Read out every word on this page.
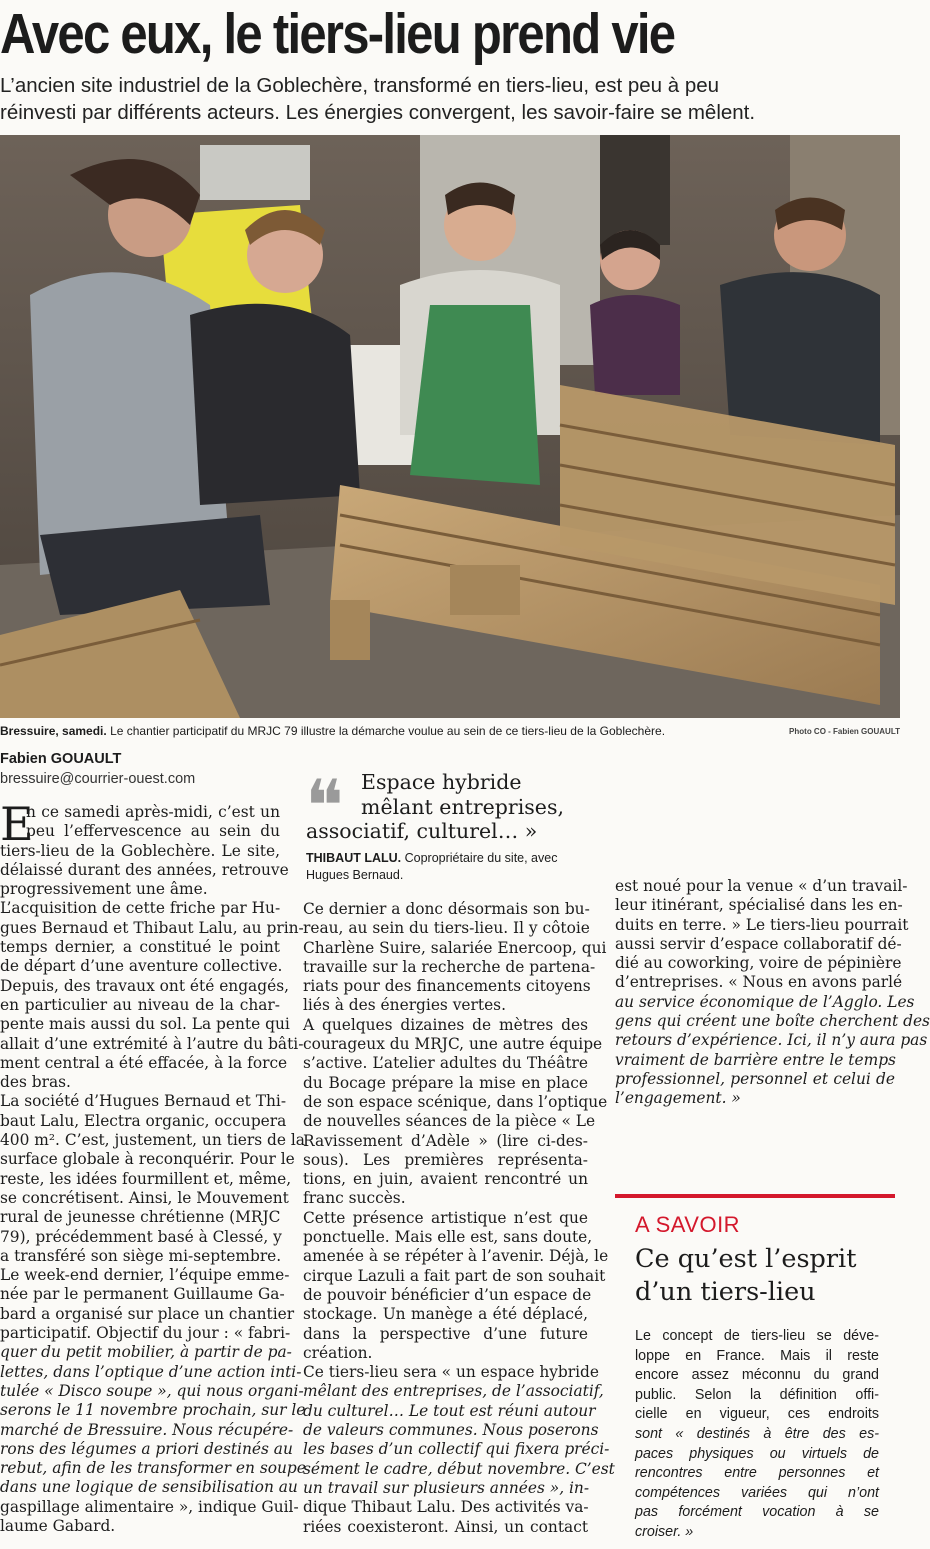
Avec eux, le tiers-lieu prend vie
L’ancien site industriel de la Goblechère, transformé en tiers-lieu, est peu à peu
réinvesti par différents acteurs. Les énergies convergent, les savoir-faire se mêlent.
Bressuire, samedi. Le chantier participatif du MRJC 79 illustre la démarche voulue au sein de ce tiers-lieu de la Goblechère.	Photo CO - Fabien GOUAULT
Fabien GOUAULT
bressuire@courrier-ouest.com
E
n ce samedi après-midi, c’est un
peu l’effervescence au sein du
tiers-lieu de la Goblechère. Le site,
délaissé durant des années, retrouve
progressivement une âme.
L’acquisition de cette friche par Hu-
gues Bernaud et Thibaut Lalu, au prin-
temps dernier, a constitué le point
de départ d’une aventure collective.
Depuis, des travaux ont été engagés,
en particulier au niveau de la char-
pente mais aussi du sol. La pente qui
allait d’une extrémité à l’autre du bâti-
ment central a été effacée, à la force
des bras.
La société d’Hugues Bernaud et Thi-
baut Lalu, Electra organic, occupera
400 m². C’est, justement, un tiers de la
surface globale à reconquérir. Pour le
reste, les idées fourmillent et, même,
se concrétisent. Ainsi, le Mouvement
rural de jeunesse chrétienne (MRJC
79), précédemment basé à Clessé, y
a transféré son siège mi-septembre.
Le week-end dernier, l’équipe emme-
née par le permanent Guillaume Ga-
bard a organisé sur place un chantier
participatif. Objectif du jour : « fabri-
quer du petit mobilier, à partir de pa-
lettes, dans l’optique d’une action inti-
tulée « Disco soupe », qui nous organi-
serons le 11 novembre prochain, sur le
marché de Bressuire. Nous récupére-
rons des légumes a priori destinés au
rebut, afin de les transformer en soupe
dans une logique de sensibilisation au
gaspillage alimentaire », indique Guil-
laume Gabard.
❝ Espace hybride
mêlant entreprises,
associatif, culturel… »
THIBAUT LALU. Copropriétaire du site, avec Hugues Bernaud.
Ce dernier a donc désormais son bu-
reau, au sein du tiers-lieu. Il y côtoie
Charlène Suire, salariée Enercoop, qui
travaille sur la recherche de partena-
riats pour des financements citoyens
liés à des énergies vertes.
A quelques dizaines de mètres des
courageux du MRJC, une autre équipe
s’active. L’atelier adultes du Théâtre
du Bocage prépare la mise en place
de son espace scénique, dans l’optique
de nouvelles séances de la pièce « Le
Ravissement d’Adèle » (lire ci-des-
sous). Les premières représenta-
tions, en juin, avaient rencontré un
franc succès.
Cette présence artistique n’est que
ponctuelle. Mais elle est, sans doute,
amenée à se répéter à l’avenir. Déjà, le
cirque Lazuli a fait part de son souhait
de pouvoir bénéficier d’un espace de
stockage. Un manège a été déplacé,
dans la perspective d’une future
création.
Ce tiers-lieu sera « un espace hybride
mêlant des entreprises, de l’associatif,
du culturel… Le tout est réuni autour
de valeurs communes. Nous poserons
les bases d’un collectif qui fixera préci-
sément le cadre, début novembre. C’est
un travail sur plusieurs années », in-
dique Thibaut Lalu. Des activités va-
riées coexisteront. Ainsi, un contact
est noué pour la venue « d’un travail-
leur itinérant, spécialisé dans les en-
duits en terre. » Le tiers-lieu pourrait
aussi servir d’espace collaboratif dé-
dié au coworking, voire de pépinière
d’entreprises. « Nous en avons parlé
au service économique de l’Agglo. Les
gens qui créent une boîte cherchent des
retours d’expérience. Ici, il n’y aura pas
vraiment de barrière entre le temps
professionnel, personnel et celui de
l’engagement. »
A SAVOIR
Ce qu’est l’esprit
d’un tiers-lieu
Le concept de tiers-lieu se déve-
loppe en France. Mais il reste
encore assez méconnu du grand
public. Selon la définition offi-
cielle en vigueur, ces endroits
sont « destinés à être des es-
paces physiques ou virtuels de
rencontres entre personnes et
compétences variées qui n’ont
pas forcément vocation à se
croiser. »
